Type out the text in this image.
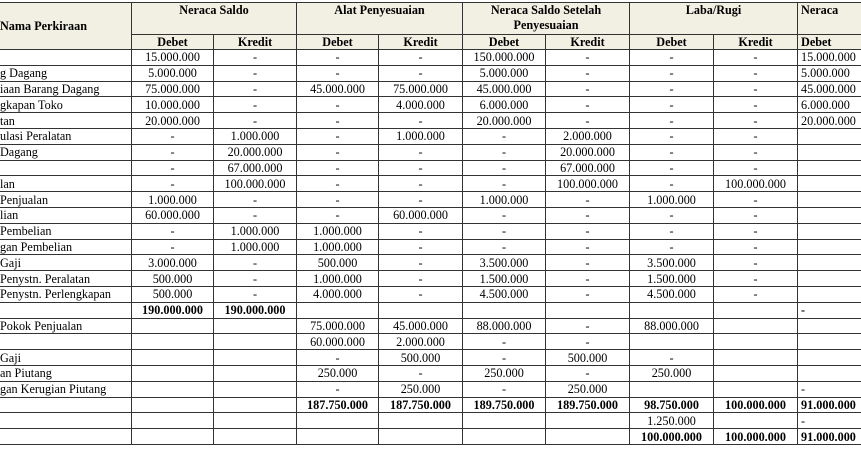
Nama Perkiraan	Neraca Saldo		Alat Penyesuaian		Neraca Saldo Setelah Penyesuaian		Laba/Rugi		Neraca
	Debet	Kredit	Debet	Kredit	Debet	Kredit	Debet	Kredit	Debet
	15.000.000	-	-	-	150.000.000	-	-	-	15.000.000
g Dagang	5.000.000	-	-	-	5.000.000	-	-	-	5.000.000
iaan Barang Dagang	75.000.000	-	45.000.000	75.000.000	45.000.000	-	-	-	45.000.000
gkapan Toko	10.000.000	-	-	4.000.000	6.000.000	-	-	-	6.000.000
tan	20.000.000	-	-	-	20.000.000	-	-	-	20.000.000
ulasi Peralatan	-	1.000.000	-	1.000.000	-	2.000.000	-	-	
Dagang	-	20.000.000	-	-	-	20.000.000	-	-	
	-	67.000.000	-	-	-	67.000.000	-	-	
lan	-	100.000.000	-	-	-	100.000.000	-	100.000.000	
Penjualan	1.000.000	-	-	-	1.000.000	-	1.000.000	-	
lian	60.000.000	-	-	60.000.000	-	-	-	-	
Pembelian	-	1.000.000	1.000.000	-	-	-	-	-	
gan Pembelian	-	1.000.000	1.000.000	-	-	-	-	-	
Gaji	3.000.000	-	500.000	-	3.500.000	-	3.500.000	-	
Penystn. Peralatan	500.000	-	1.000.000	-	1.500.000	-	1.500.000	-	
Penystn. Perlengkapan	500.000	-	4.000.000	-	4.500.000	-	4.500.000	-	
	190.000.000	190.000.000							-
Pokok Penjualan			75.000.000	45.000.000	88.000.000	-	88.000.000		
			60.000.000	2.000.000	-	-			
Gaji			-	500.000	-	500.000	-		
an Piutang			250.000	-	250.000	-	250.000		
gan Kerugian Piutang			-	250.000	-	250.000			-
			187.750.000	187.750.000	189.750.000	189.750.000	98.750.000	100.000.000	91.000.000
							1.250.000		-
							100.000.000	100.000.000	91.000.000
